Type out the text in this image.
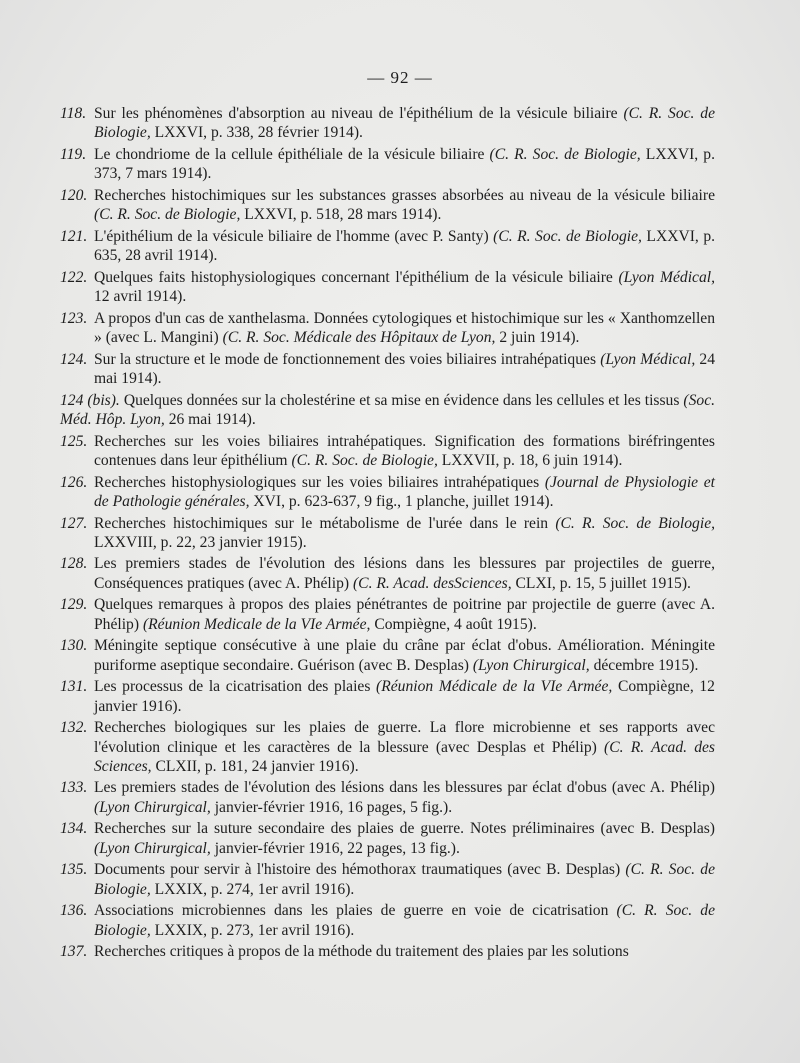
— 92 —
118. Sur les phénomènes d'absorption au niveau de l'épithélium de la vésicule biliaire (C. R. Soc. de Biologie, LXXVI, p. 338, 28 février 1914).
119. Le chondriome de la cellule épithéliale de la vésicule biliaire (C. R. Soc. de Biologie, LXXVI, p. 373, 7 mars 1914).
120. Recherches histochimiques sur les substances grasses absorbées au niveau de la vésicule biliaire (C. R. Soc. de Biologie, LXXVI, p. 518, 28 mars 1914).
121. L'épithélium de la vésicule biliaire de l'homme (avec P. Santy) (C. R. Soc. de Biologie, LXXVI, p. 635, 28 avril 1914).
122. Quelques faits histophysiologiques concernant l'épithélium de la vésicule biliaire (Lyon Médical, 12 avril 1914).
123. A propos d'un cas de xanthelasma. Données cytologiques et histochimique sur les « Xanthomzellen » (avec L. Mangini) (C. R. Soc. Médicale des Hôpitaux de Lyon, 2 juin 1914).
124. Sur la structure et le mode de fonctionnement des voies biliaires intrahépatiques (Lyon Médical, 24 mai 1914).
124 (bis). Quelques données sur la cholestérine et sa mise en évidence dans les cellules et les tissus (Soc. Méd. Hôp. Lyon, 26 mai 1914).
125. Recherches sur les voies biliaires intrahépatiques. Signification des formations biréfringentes contenues dans leur épithélium (C. R. Soc. de Biologie, LXXVII, p. 18, 6 juin 1914).
126. Recherches histophysiologiques sur les voies biliaires intrahépatiques (Journal de Physiologie et de Pathologie générales, XVI, p. 623-637, 9 fig., 1 planche, juillet 1914).
127. Recherches histochimiques sur le métabolisme de l'urée dans le rein (C. R. Soc. de Biologie, LXXVIII, p. 22, 23 janvier 1915).
128. Les premiers stades de l'évolution des lésions dans les blessures par projectiles de guerre, Conséquences pratiques (avec A. Phélip) (C. R. Acad. desSciences, CLXI, p. 15, 5 juillet 1915).
129. Quelques remarques à propos des plaies pénétrantes de poitrine par projectile de guerre (avec A. Phélip) (Réunion Medicale de la VIe Armée, Compiègne, 4 août 1915).
130. Méningite septique consécutive à une plaie du crâne par éclat d'obus. Amélioration. Méningite puriforme aseptique secondaire. Guérison (avec B. Desplas) (Lyon Chirurgical, décembre 1915).
131. Les processus de la cicatrisation des plaies (Réunion Médicale de la VIe Armée, Compiègne, 12 janvier 1916).
132. Recherches biologiques sur les plaies de guerre. La flore microbienne et ses rapports avec l'évolution clinique et les caractères de la blessure (avec Desplas et Phélip) (C. R. Acad. des Sciences, CLXII, p. 181, 24 janvier 1916).
133. Les premiers stades de l'évolution des lésions dans les blessures par éclat d'obus (avec A. Phélip) (Lyon Chirurgical, janvier-février 1916, 16 pages, 5 fig.).
134. Recherches sur la suture secondaire des plaies de guerre. Notes préliminaires (avec B. Desplas) (Lyon Chirurgical, janvier-février 1916, 22 pages, 13 fig.).
135. Documents pour servir à l'histoire des hémothorax traumatiques (avec B. Desplas) (C. R. Soc. de Biologie, LXXIX, p. 274, 1er avril 1916).
136. Associations microbiennes dans les plaies de guerre en voie de cicatrisation (C. R. Soc. de Biologie, LXXIX, p. 273, 1er avril 1916).
137. Recherches critiques à propos de la méthode du traitement des plaies par les solutions
